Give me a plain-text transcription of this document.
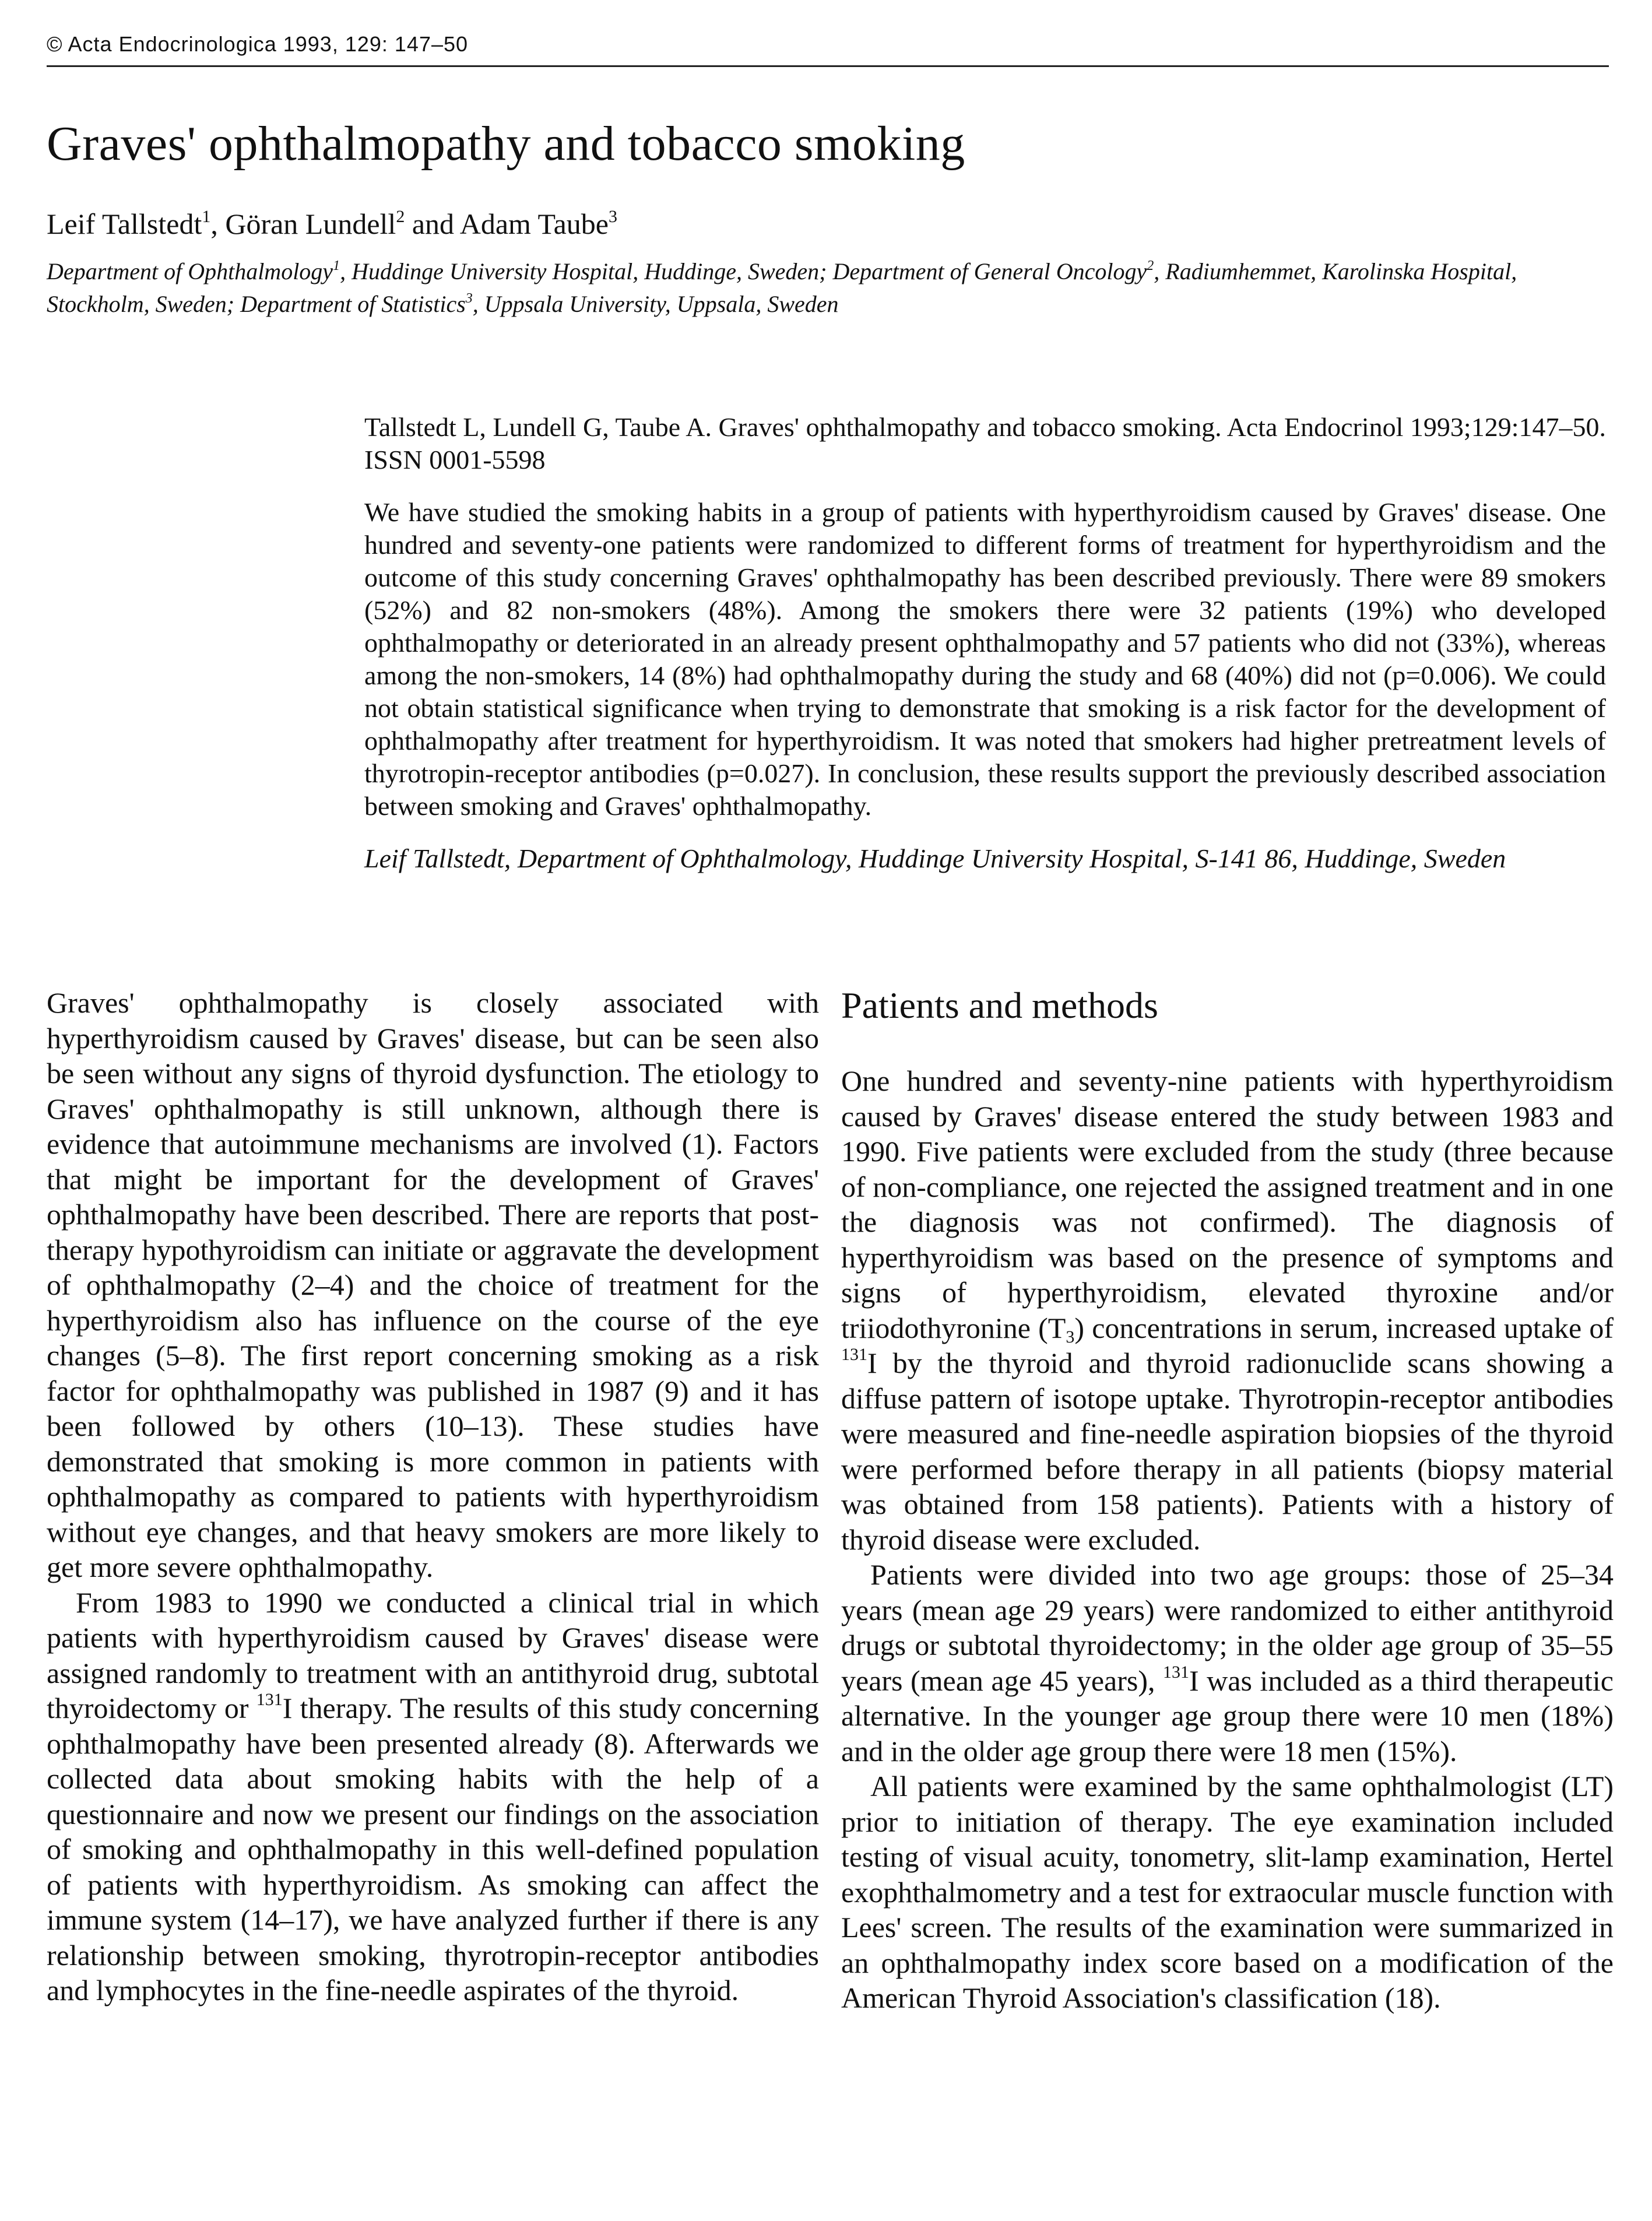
© Acta Endocrinologica 1993, 129: 147–50
Graves' ophthalmopathy and tobacco smoking
Leif Tallstedt$^1$, Göran Lundell$^2$ and Adam Taube$^3$
Department of Ophthalmology$^1$, Huddinge University Hospital, Huddinge, Sweden; Department of General Oncology$^2$, Radiumhemmet, Karolinska Hospital, Stockholm, Sweden; Department of Statistics$^3$, Uppsala University, Uppsala, Sweden

Tallstedt L, Lundell G, Taube A. Graves' ophthalmopathy and tobacco smoking. Acta Endocrinol 1993;129:147–50. ISSN 0001-5598

We have studied the smoking habits in a group of patients with hyperthyroidism caused by Graves' disease. One hundred and seventy-one patients were randomized to different forms of treatment for hyperthyroidism and the outcome of this study concerning Graves' ophthalmopathy has been described previously. There were 89 smokers (52%) and 82 non-smokers (48%). Among the smokers there were 32 patients (19%) who developed ophthalmopathy or deteriorated in an already present ophthalmopathy and 57 patients who did not (33%), whereas among the non-smokers, 14 (8%) had ophthalmopathy during the study and 68 (40%) did not (p=0.006). We could not obtain statistical significance when trying to demonstrate that smoking is a risk factor for the development of ophthalmopathy after treatment for hyperthyroidism. It was noted that smokers had higher pretreatment levels of thyrotropin-receptor antibodies (p=0.027). In conclusion, these results support the previously described association between smoking and Graves' ophthalmopathy.

Leif Tallstedt, Department of Ophthalmology, Huddinge University Hospital, S-141 86, Huddinge, Sweden

Graves' ophthalmopathy is closely associated with hyperthyroidism caused by Graves' disease, but can be seen also be seen without any signs of thyroid dysfunction. The etiology to Graves' ophthalmopathy is still unknown, although there is evidence that autoimmune mechanisms are involved (1). Factors that might be important for the development of Graves' ophthalmopathy have been described. There are reports that post-therapy hypothyroidism can initiate or aggravate the development of ophthalmopathy (2–4) and the choice of treatment for the hyperthyroidism also has influence on the course of the eye changes (5–8). The first report concerning smoking as a risk factor for ophthalmopathy was published in 1987 (9) and it has been followed by others (10–13). These studies have demonstrated that smoking is more common in patients with ophthalmopathy as compared to patients with hyperthyroidism without eye changes, and that heavy smokers are more likely to get more severe ophthalmopathy.

From 1983 to 1990 we conducted a clinical trial in which patients with hyperthyroidism caused by Graves' disease were assigned randomly to treatment with an antithyroid drug, subtotal thyroidectomy or $^{131}$I therapy. The results of this study concerning ophthalmopathy have been presented already (8). Afterwards we collected data about smoking habits with the help of a questionnaire and now we present our findings on the association of smoking and ophthalmopathy in this well-defined population of patients with hyperthyroidism. As smoking can affect the immune system (14–17), we have analyzed further if there is any relationship between smoking, thyrotropin-receptor antibodies and lymphocytes in the fine-needle aspirates of the thyroid.

Patients and methods

One hundred and seventy-nine patients with hyperthyroidism caused by Graves' disease entered the study between 1983 and 1990. Five patients were excluded from the study (three because of non-compliance, one rejected the assigned treatment and in one the diagnosis was not confirmed). The diagnosis of hyperthyroidism was based on the presence of symptoms and signs of hyperthyroidism, elevated thyroxine and/or triiodothyronine $(T_3)$ concentrations in serum, increased uptake of $^{131}$I by the thyroid and thyroid radionuclide scans showing a diffuse pattern of isotope uptake. Thyrotropin-receptor antibodies were measured and fine-needle aspiration biopsies of the thyroid were performed before therapy in all patients (biopsy material was obtained from 158 patients). Patients with a history of thyroid disease were excluded.

Patients were divided into two age groups: those of 25–34 years (mean age 29 years) were randomized to either antithyroid drugs or subtotal thyroidectomy; in the older age group of 35–55 years (mean age 45 years), $^{131}$I was included as a third therapeutic alternative. In the younger age group there were 10 men (18%) and in the older age group there were 18 men (15%).

All patients were examined by the same ophthalmologist (LT) prior to initiation of therapy. The eye examination included testing of visual acuity, tonometry, slit-lamp examination, Hertel exophthalmometry and a test for extraocular muscle function with Lees' screen. The results of the examination were summarized in an ophthalmopathy index score based on a modification of the American Thyroid Association's classification (18).
